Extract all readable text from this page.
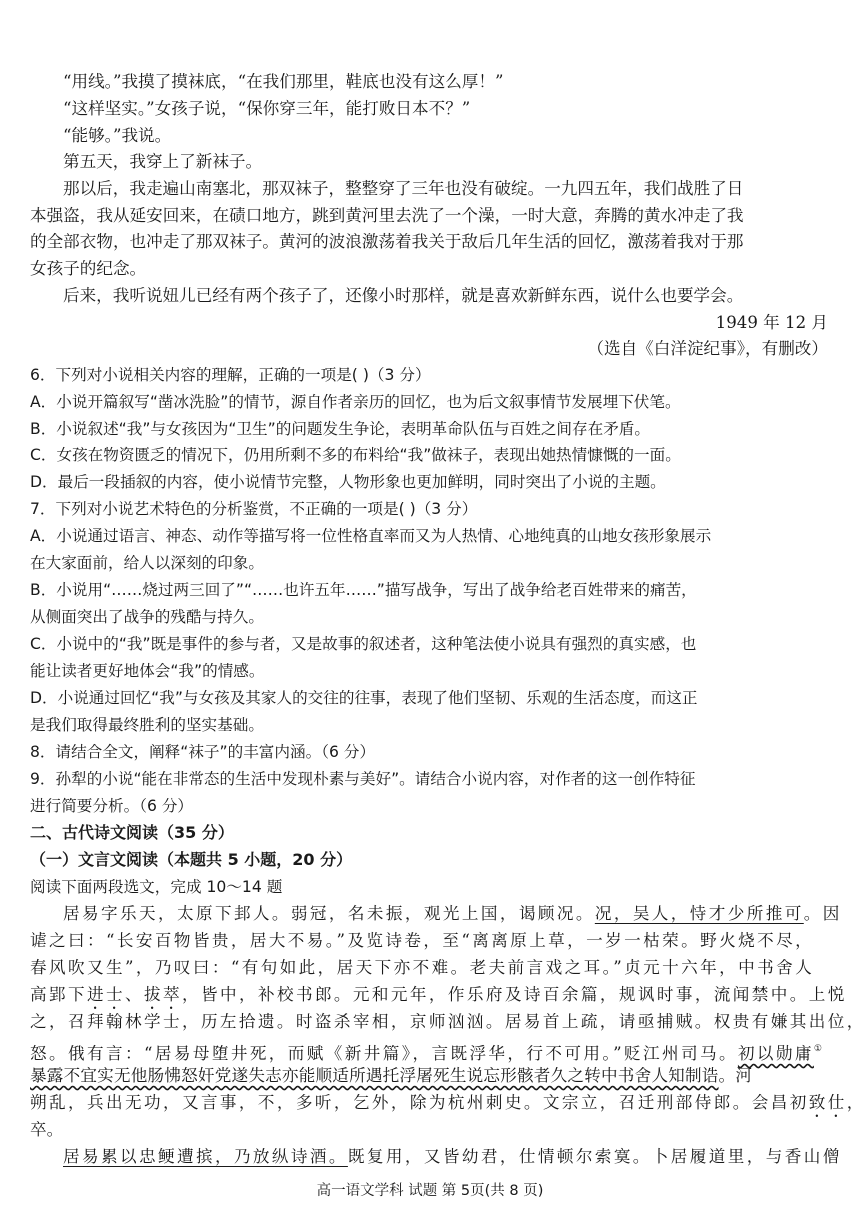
“用线。”我摸了摸袜底，“在我们那里，鞋底也没有这么厚！”
“这样坚实。”女孩子说，“保你穿三年，能打败日本不？”
“能够。”我说。
第五天，我穿上了新袜子。
那以后，我走遍山南塞北，那双袜子，整整穿了三年也没有破绽。一九四五年，我们战胜了日
本强盗，我从延安回来，在碛口地方，跳到黄河里去洗了一个澡，一时大意，奔腾的黄水冲走了我
的全部衣物，也冲走了那双袜子。黄河的波浪激荡着我关于敌后几年生活的回忆，激荡着我对于那
女孩子的纪念。
后来，我听说妞儿已经有两个孩子了，还像小时那样，就是喜欢新鲜东西，说什么也要学会。
1949 年 12 月
（选自《白洋淀纪事》，有删改）
6．下列对小说相关内容的理解，正确的一项是( )（3 分）
A．小说开篇叙写“凿冰洗脸”的情节，源自作者亲历的回忆，也为后文叙事情节发展埋下伏笔。
B．小说叙述“我”与女孩因为“卫生”的问题发生争论，表明革命队伍与百姓之间存在矛盾。
C．女孩在物资匮乏的情况下，仍用所剩不多的布料给“我”做袜子，表现出她热情慷慨的一面。
D．最后一段插叙的内容，使小说情节完整，人物形象也更加鲜明，同时突出了小说的主题。
7．下列对小说艺术特色的分析鉴赏，不正确的一项是( )（3 分）
A．小说通过语言、神态、动作等描写将一位性格直率而又为人热情、心地纯真的山地女孩形象展示
在大家面前，给人以深刻的印象。
B．小说用“……烧过两三回了”“……也许五年……”描写战争，写出了战争给老百姓带来的痛苦，
从侧面突出了战争的残酷与持久。
C．小说中的“我”既是事件的参与者，又是故事的叙述者，这种笔法使小说具有强烈的真实感，也
能让读者更好地体会“我”的情感。
D．小说通过回忆“我”与女孩及其家人的交往的往事，表现了他们坚韧、乐观的生活态度，而这正
是我们取得最终胜利的坚实基础。
8．请结合全文，阐释“袜子”的丰富内涵。（6 分）
9．孙犁的小说“能在非常态的生活中发现朴素与美好”。请结合小说内容，对作者的这一创作特征
进行简要分析。（6 分）
二、古代诗文阅读（35 分）
（一）文言文阅读（本题共 5 小题，20 分）
阅读下面两段选文，完成 10～14 题
居易字乐天，太原下邽人。弱冠，名未振，观光上国，谒顾况。况，吴人，恃才少所推可。因
谑之曰：“长安百物皆贵，居大不易。”及览诗卷，至“离离原上草，一岁一枯荣。野火烧不尽，
春风吹又生”，乃叹曰：“有句如此，居天下亦不难。老夫前言戏之耳。”贞元十六年，中书舍人
高郢下进士、拔萃，皆中，补校书郎。元和元年，作乐府及诗百余篇，规讽时事，流闻禁中。上悦
之，召拜翰林学士，历左拾遗。时盗杀宰相，京师汹汹。居易首上疏，请亟捕贼。权贵有嫌其出位，
怒。俄有言：“居易母堕井死，而赋《新井篇》，言既浮华，行不可用。”贬江州司马。初以勋庸①
暴露不宜实无他肠怫怒奸党遂失志亦能顺适所遇托浮屠死生说忘形骸者久之转中书舍人知制诰。河
朔乱，兵出无功，又言事，不，多听，乞外，除为杭州刺史。文宗立，召迁刑部侍郎。会昌初致仕，
卒。
居易累以忠鲠遭摈，乃放纵诗酒。既复用，又皆幼君，仕情顿尔索寞。卜居履道里，与香山僧
高一语文学科 试题 第 5页(共 8 页)
